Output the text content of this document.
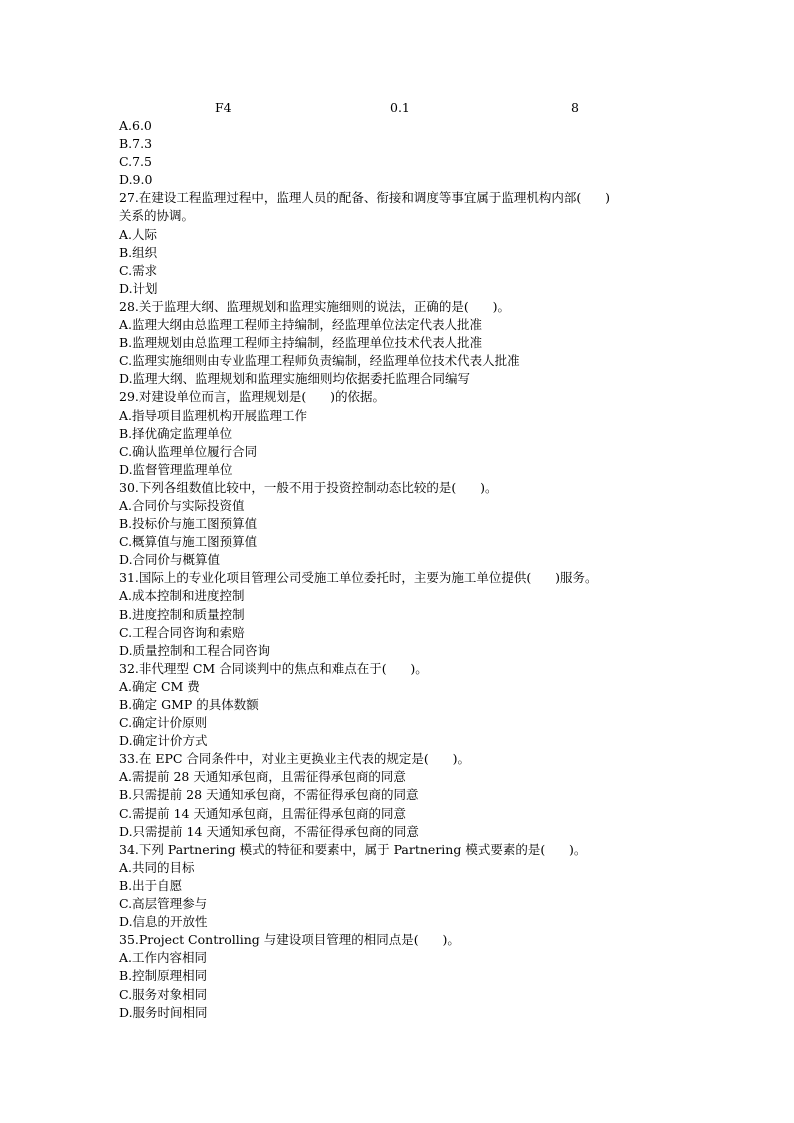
F4	0.1	8
A.6.0
B.7.3
C.7.5
D.9.0
27.在建设工程监理过程中，监理人员的配备、衔接和调度等事宜属于监理机构内部(      )
关系的协调。
A.人际
B.组织
C.需求
D.计划
28.关于监理大纲、监理规划和监理实施细则的说法，正确的是(      )。
A.监理大纲由总监理工程师主持编制，经监理单位法定代表人批准
B.监理规划由总监理工程师主持编制，经监理单位技术代表人批准
C.监理实施细则由专业监理工程师负责编制，经监理单位技术代表人批准
D.监理大纲、监理规划和监理实施细则均依据委托监理合同编写
29.对建设单位而言，监理规划是(      )的依据。
A.指导项目监理机构开展监理工作
B.择优确定监理单位
C.确认监理单位履行合同
D.监督管理监理单位
30.下列各组数值比较中，一般不用于投资控制动态比较的是(      )。
A.合同价与实际投资值
B.投标价与施工图预算值
C.概算值与施工图预算值
D.合同价与概算值
31.国际上的专业化项目管理公司受施工单位委托时，主要为施工单位提供(      )服务。
A.成本控制和进度控制
B.进度控制和质量控制
C.工程合同咨询和索赔
D.质量控制和工程合同咨询
32.非代理型 CM 合同谈判中的焦点和难点在于(      )。
A.确定 CM 费
B.确定 GMP 的具体数额
C.确定计价原则
D.确定计价方式
33.在 EPC 合同条件中，对业主更换业主代表的规定是(      )。
A.需提前 28 天通知承包商，且需征得承包商的同意
B.只需提前 28 天通知承包商，不需征得承包商的同意
C.需提前 14 天通知承包商，且需征得承包商的同意
D.只需提前 14 天通知承包商，不需征得承包商的同意
34.下列 Partnering 模式的特征和要素中，属于 Partnering 模式要素的是(      )。
A.共同的目标
B.出于自愿
C.高层管理参与
D.信息的开放性
35.Project Controlling 与建设项目管理的相同点是(      )。
A.工作内容相同
B.控制原理相同
C.服务对象相同
D.服务时间相同
